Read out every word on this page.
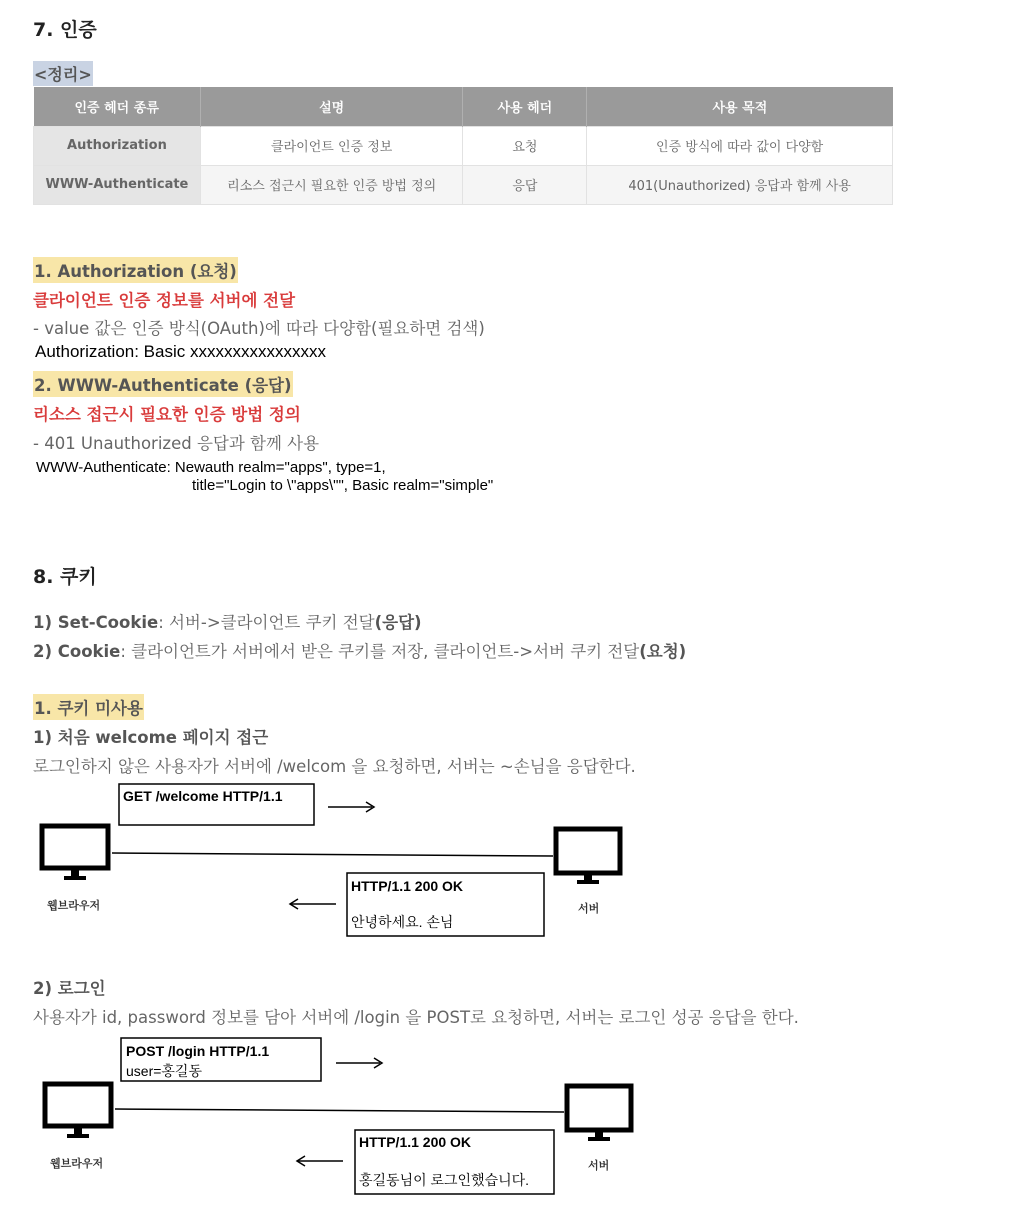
7. 인증
<정리>
인증 헤더 종류	설명	사용 헤더	사용 목적
Authorization	클라이언트 인증 정보	요청	인증 방식에 따라 값이 다양함
WWW-Authenticate	리소스 접근시 필요한 인증 방법 정의	응답	401(Unauthorized) 응답과 함께 사용
1. Authorization (요청)
클라이언트 인증 정보를 서버에 전달
- value 값은 인증 방식(OAuth)에 따라 다양함(필요하면 검색)
Authorization: Basic xxxxxxxxxxxxxxxx
2. WWW-Authenticate (응답)
리소스 접근시 필요한 인증 방법 정의
- 401 Unauthorized 응답과 함께 사용
WWW-Authenticate: Newauth realm="apps", type=1,
title="Login to \"apps\"", Basic realm="simple"
8. 쿠키
1) Set-Cookie: 서버->클라이언트 쿠키 전달(응답)
2) Cookie: 클라이언트가 서버에서 받은 쿠키를 저장, 클라이언트->서버 쿠키 전달(요청)
1. 쿠키 미사용
1) 처음 welcome 페이지 접근
로그인하지 않은 사용자가 서버에 /welcom 을 요청하면, 서버는 ~손님을 응답한다.
GET /welcome HTTP/1.1
HTTP/1.1 200 OK
안녕하세요. 손님
웹브라우저	서버
2) 로그인
사용자가 id, password 정보를 담아 서버에 /login 을 POST로 요청하면, 서버는 로그인 성공 응답을 한다.
POST /login HTTP/1.1
user=홍길동
HTTP/1.1 200 OK
홍길동님이 로그인했습니다.
웹브라우저	서버
